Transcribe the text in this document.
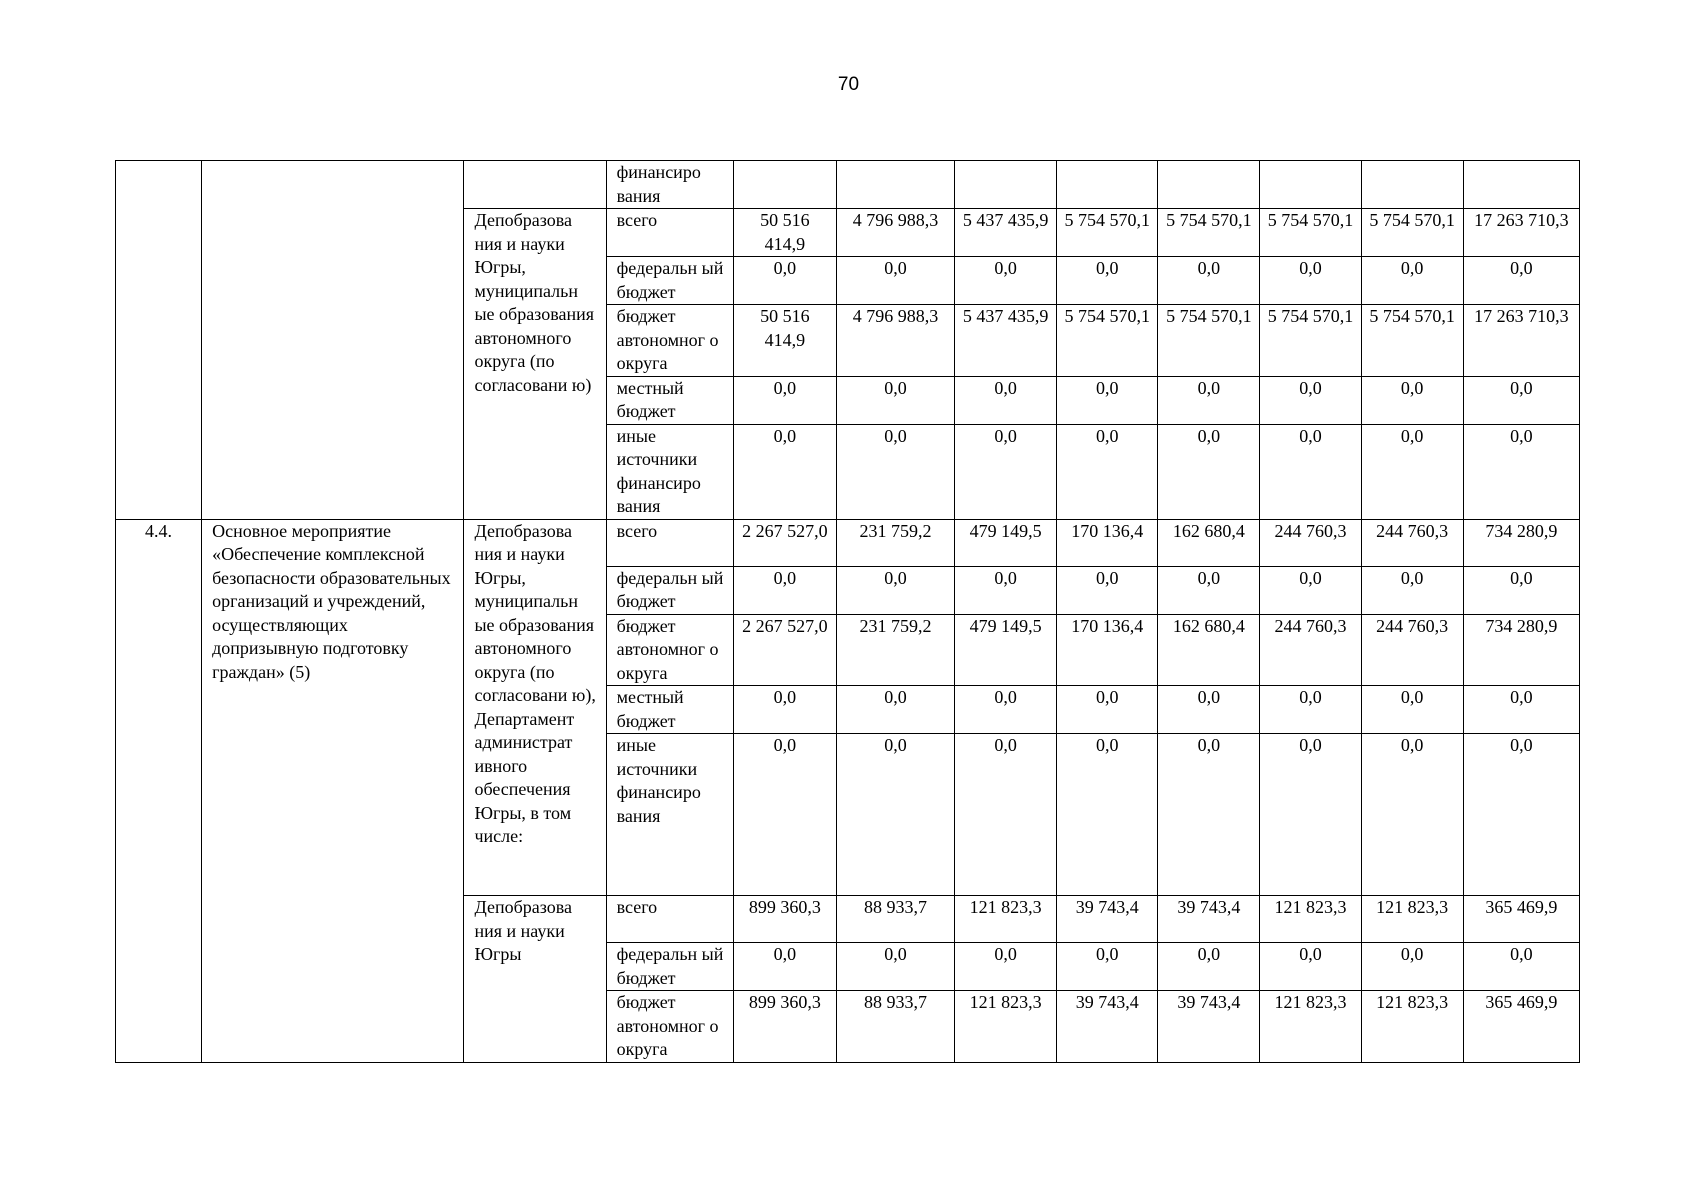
70
			финансиро вания								
		Депобразова ния и науки Югры, муниципальн ые образования автономного округа (по согласовани ю)	всего	50 516 414,9	4 796 988,3	5 437 435,9	5 754 570,1	5 754 570,1	5 754 570,1	5 754 570,1	17 263 710,3
			федеральн ый бюджет	0,0	0,0	0,0	0,0	0,0	0,0	0,0	0,0
			бюджет автономног о округа	50 516 414,9	4 796 988,3	5 437 435,9	5 754 570,1	5 754 570,1	5 754 570,1	5 754 570,1	17 263 710,3
			местный бюджет	0,0	0,0	0,0	0,0	0,0	0,0	0,0	0,0
			иные источники финансиро вания	0,0	0,0	0,0	0,0	0,0	0,0	0,0	0,0
4.4.	Основное мероприятие «Обеспечение комплексной безопасности образовательных организаций и учреждений, осуществляющих допризывную подготовку граждан» (5)	Депобразова ния и науки Югры, муниципальн ые образования автономного округа (по согласовани ю), Департамент администрат ивного обеспечения Югры, в том числе:	всего	2 267 527,0	231 759,2	479 149,5	170 136,4	162 680,4	244 760,3	244 760,3	734 280,9
			федеральн ый бюджет	0,0	0,0	0,0	0,0	0,0	0,0	0,0	0,0
			бюджет автономног о округа	2 267 527,0	231 759,2	479 149,5	170 136,4	162 680,4	244 760,3	244 760,3	734 280,9
			местный бюджет	0,0	0,0	0,0	0,0	0,0	0,0	0,0	0,0
			иные источники финансиро вания	0,0	0,0	0,0	0,0	0,0	0,0	0,0	0,0
		Депобразова ния и науки Югры	всего	899 360,3	88 933,7	121 823,3	39 743,4	39 743,4	121 823,3	121 823,3	365 469,9
			федеральн ый бюджет	0,0	0,0	0,0	0,0	0,0	0,0	0,0	0,0
			бюджет автономног о округа	899 360,3	88 933,7	121 823,3	39 743,4	39 743,4	121 823,3	121 823,3	365 469,9
